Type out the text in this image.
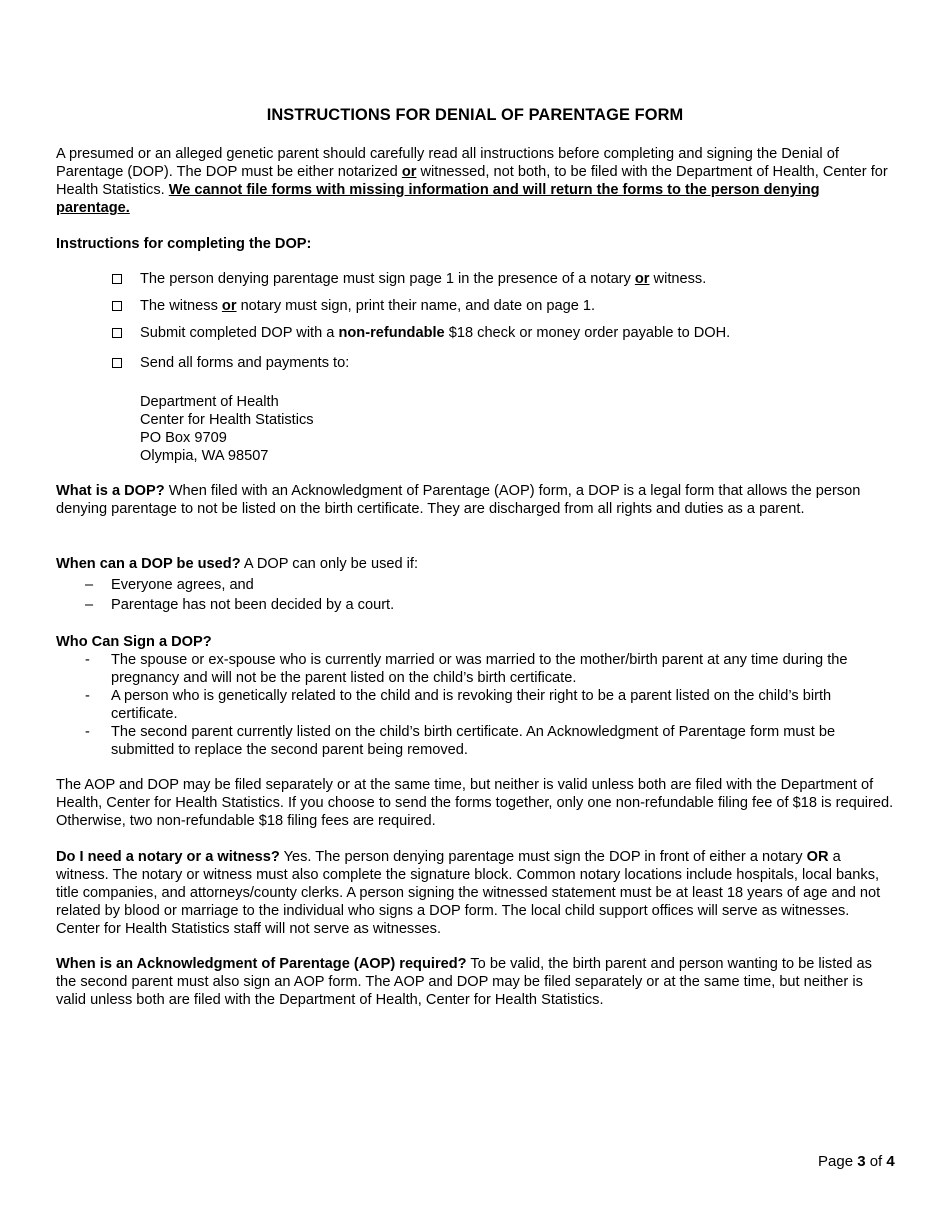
INSTRUCTIONS FOR DENIAL OF PARENTAGE FORM

A presumed or an alleged genetic parent should carefully read all instructions before completing and signing the Denial of Parentage (DOP). The DOP must be either notarized or witnessed, not both, to be filed with the Department of Health, Center for Health Statistics. We cannot file forms with missing information and will return the forms to the person denying parentage.

Instructions for completing the DOP:

The person denying parentage must sign page 1 in the presence of a notary or witness.
The witness or notary must sign, print their name, and date on page 1.
Submit completed DOP with a non-refundable $18 check or money order payable to DOH.
Send all forms and payments to:
Department of Health
Center for Health Statistics
PO Box 9709
Olympia, WA 98507

What is a DOP? When filed with an Acknowledgment of Parentage (AOP) form, a DOP is a legal form that allows the person denying parentage to not be listed on the birth certificate. They are discharged from all rights and duties as a parent.

When can a DOP be used? A DOP can only be used if:

– Everyone agrees, and
– Parentage has not been decided by a court.

Who Can Sign a DOP?

- The spouse or ex-spouse who is currently married or was married to the mother/birth parent at any time during the pregnancy and will not be the parent listed on the child’s birth certificate.
- A person who is genetically related to the child and is revoking their right to be a parent listed on the child’s birth certificate.
- The second parent currently listed on the child’s birth certificate. An Acknowledgment of Parentage form must be submitted to replace the second parent being removed.

The AOP and DOP may be filed separately or at the same time, but neither is valid unless both are filed with the Department of Health, Center for Health Statistics. If you choose to send the forms together, only one non-refundable filing fee of $18 is required. Otherwise, two non-refundable $18 filing fees are required.

Do I need a notary or a witness? Yes. The person denying parentage must sign the DOP in front of either a notary OR a witness. The notary or witness must also complete the signature block. Common notary locations include hospitals, local banks, title companies, and attorneys/county clerks. A person signing the witnessed statement must be at least 18 years of age and not related by blood or marriage to the individual who signs a DOP form. The local child support offices will serve as witnesses. Center for Health Statistics staff will not serve as witnesses.

When is an Acknowledgment of Parentage (AOP) required? To be valid, the birth parent and person wanting to be listed as the second parent must also sign an AOP form. The AOP and DOP may be filed separately or at the same time, but neither is valid unless both are filed with the Department of Health, Center for Health Statistics.

Page 3 of 4
